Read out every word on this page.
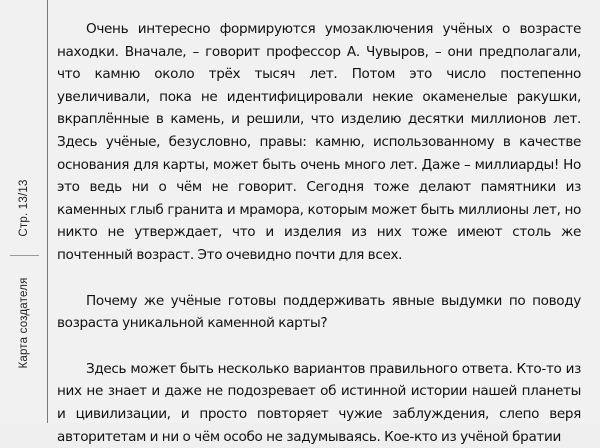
Стр. 13/13
Карта создателя

Очень интересно формируются умозаключения учёных о возрасте находки. Вначале, – говорит профессор А. Чувыров, – они предполагали, что камню около трёх тысяч лет. Потом это число постепенно увеличивали, пока не идентифицировали некие окаменелые ракушки, вкраплённые в камень, и решили, что изделию десятки миллионов лет. Здесь учёные, безусловно, правы: камню, использованному в качестве основания для карты, может быть очень много лет. Даже – миллиарды! Но это ведь ни о чём не говорит. Сегодня тоже делают памятники из каменных глыб гранита и мрамора, которым может быть миллионы лет, но никто не утверждает, что и изделия из них тоже имеют столь же почтенный возраст. Это очевидно почти для всех.

Почему же учёные готовы поддерживать явные выдумки по поводу возраста уникальной каменной карты?

Здесь может быть несколько вариантов правильного ответа. Кто-то из них не знает и даже не подозревает об истинной истории нашей планеты и цивилизации, и просто повторяет чужие заблуждения, слепо веря авторитетам и ни о чём особо не задумываясь. Кое-кто из учёной братии
